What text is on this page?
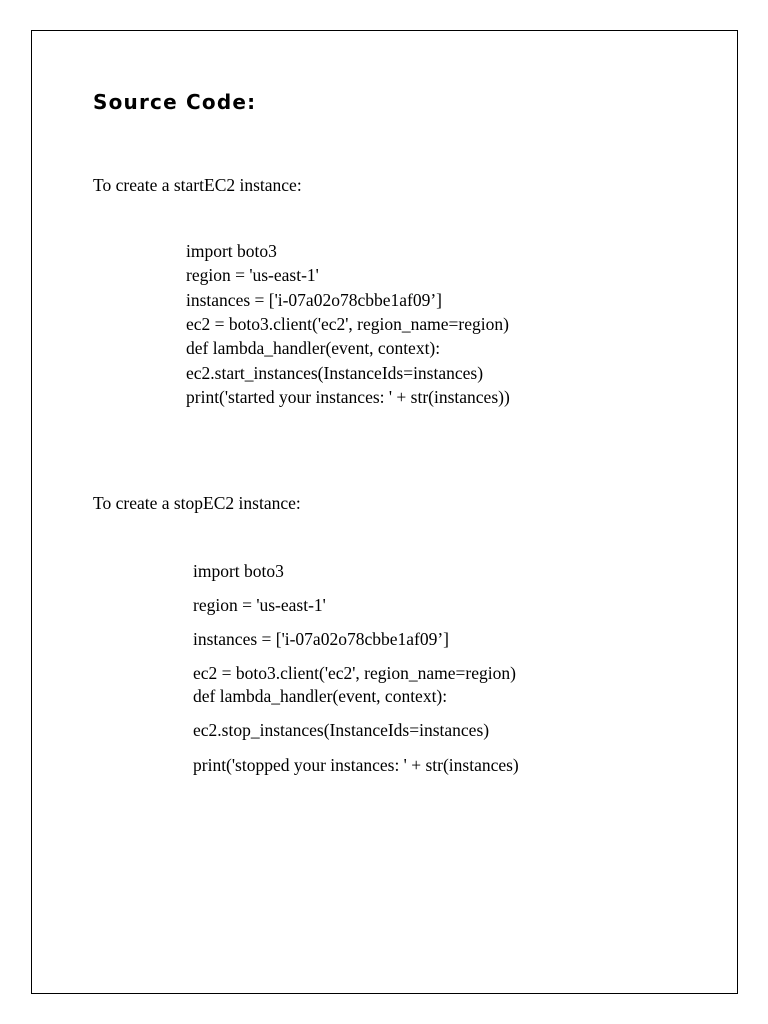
Source Code:
To create a startEC2 instance:
import boto3
region = 'us-east-1'
instances = ['i-07a02o78cbbe1af09’]
ec2 = boto3.client('ec2', region_name=region)
def lambda_handler(event, context):
ec2.start_instances(InstanceIds=instances)
print('started your instances: ' + str(instances))
To create a stopEC2 instance:
import boto3
region = 'us-east-1'
instances = ['i-07a02o78cbbe1af09’]
ec2 = boto3.client('ec2', region_name=region)
def lambda_handler(event, context):
ec2.stop_instances(InstanceIds=instances)
print('stopped your instances: ' + str(instances)
